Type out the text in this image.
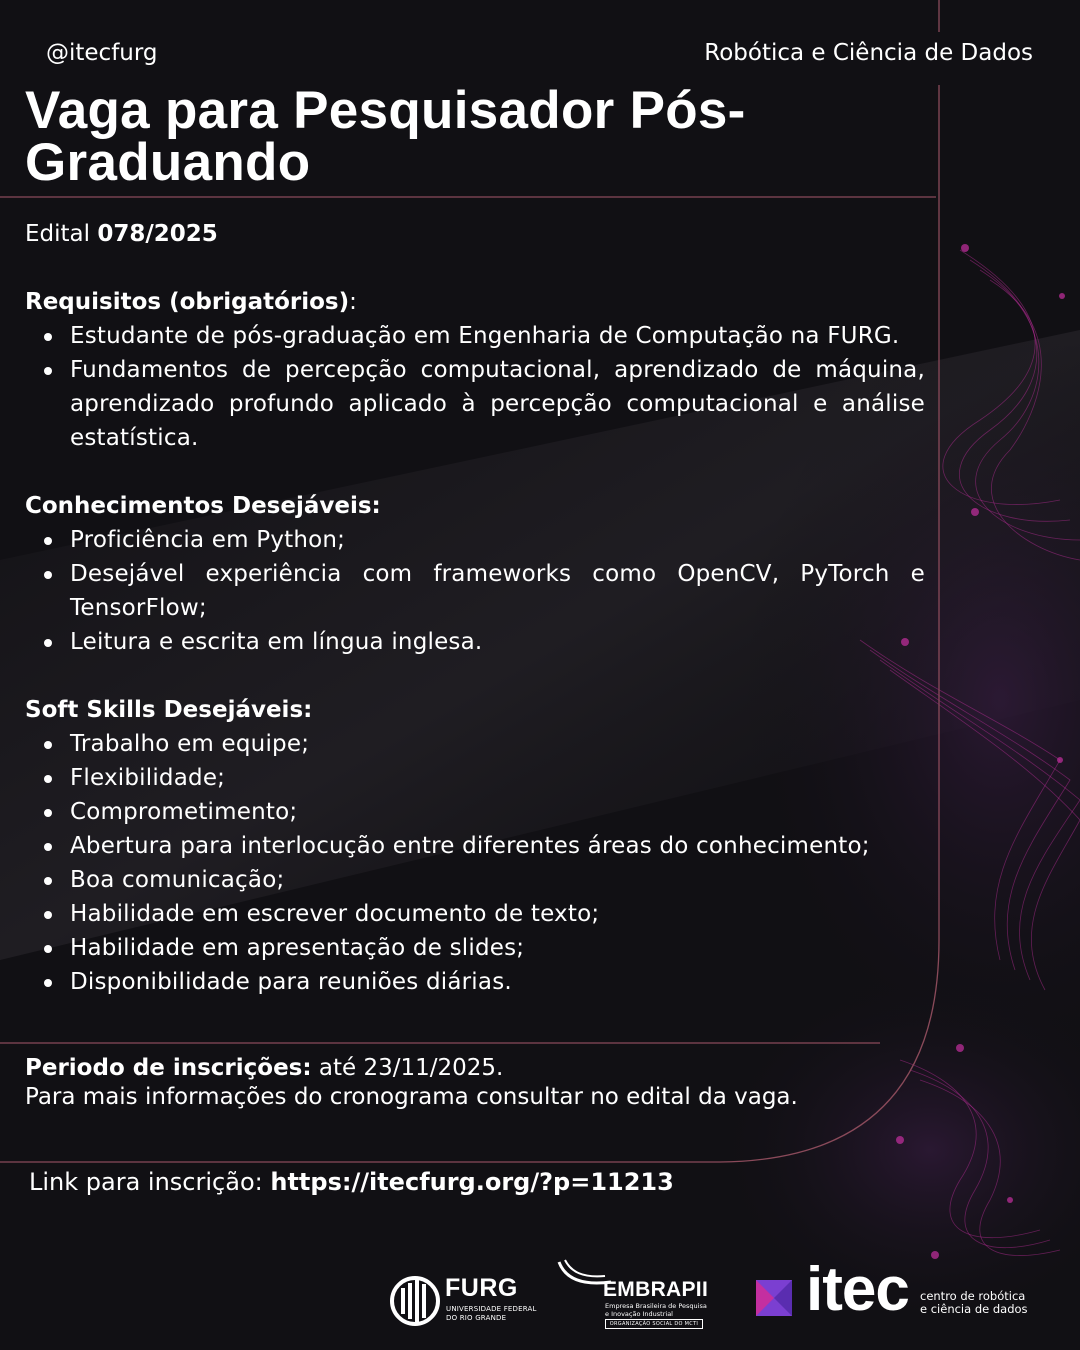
@itecfurg	Robótica e Ciência de Dados
Vaga para Pesquisador Pós-Graduando

Edital 078/2025

Requisitos (obrigatórios):

Estudante de pós-graduação em Engenharia de Computação na FURG.
Fundamentos de percepção computacional, aprendizado de máquina, aprendizado profundo aplicado à percepção computacional e análise estatística.

Conhecimentos Desejáveis:

Proficiência em Python;
Desejável experiência com frameworks como OpenCV, PyTorch e TensorFlow;
Leitura e escrita em língua inglesa.

Soft Skills Desejáveis:

Trabalho em equipe;
Flexibilidade;
Comprometimento;
Abertura para interlocução entre diferentes áreas do conhecimento;
Boa comunicação;
Habilidade em escrever documento de texto;
Habilidade em apresentação de slides;
Disponibilidade para reuniões diárias.

Periodo de inscrições: até 23/11/2025.

Para mais informações do cronograma consultar no edital da vaga.

Link para inscrição: https://itecfurg.org/?p=11213
FURG
UNIVERSIDADE FEDERAL
DO RIO GRANDE
EMBRAPII
Empresa Brasileira de Pesquisa
e Inovação Industrial
ORGANIZAÇÃO SOCIAL DO MCTI itec centro de robótica
e ciência de dados
